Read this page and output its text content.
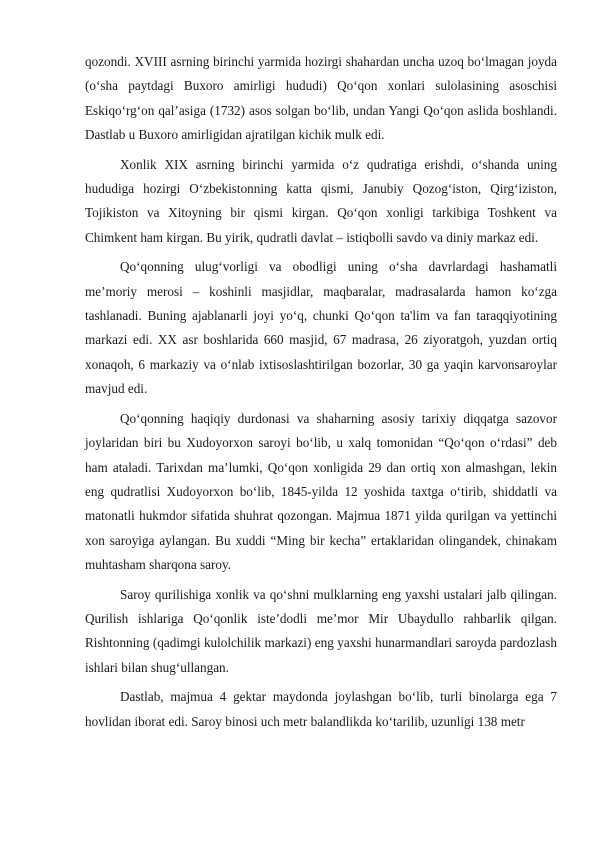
qozondi. XVIII asrning birinchi yarmida hozirgi shahardan uncha uzoq bo‘lmagan joyda (o‘sha paytdagi Buxoro amirligi hududi) Qo‘qon xonlari sulolasining asoschisi Eskiqo‘rg‘on qal’asiga (1732) asos solgan bo‘lib, undan Yangi Qo‘qon aslida boshlandi. Dastlab u Buxoro amirligidan ajratilgan kichik mulk edi.

Xonlik XIX asrning birinchi yarmida o‘z qudratiga erishdi, o‘shanda uning hududiga hozirgi O‘zbekistonning katta qismi, Janubiy Qozog‘iston, Qirg‘iziston, Tojikiston va Xitoyning bir qismi kirgan. Qo‘qon xonligi tarkibiga Toshkent va Chimkent ham kirgan. Bu yirik, qudratli davlat – istiqbolli savdo va diniy markaz edi.

Qo‘qonning ulug‘vorligi va obodligi uning o‘sha davrlardagi hashamatli me’moriy merosi – koshinli masjidlar, maqbaralar, madrasalarda hamon ko‘zga tashlanadi. Buning ajablanarli joyi yo‘q, chunki Qo‘qon ta'lim va fan taraqqiyotining markazi edi. XX asr boshlarida 660 masjid, 67 madrasa, 26 ziyoratgoh, yuzdan ortiq xonaqoh, 6 markaziy va o‘nlab ixtisoslashtirilgan bozorlar, 30 ga yaqin karvonsaroylar mavjud edi.

Qo‘qonning haqiqiy durdonasi va shaharning asosiy tarixiy diqqatga sazovor joylaridan biri bu Xudoyorxon saroyi bo‘lib, u xalq tomonidan “Qo‘qon o‘rdasi” deb ham ataladi. Tarixdan ma’lumki, Qo‘qon xonligida 29 dan ortiq xon almashgan, lekin eng qudratlisi Xudoyorxon bo‘lib, 1845-yilda 12 yoshida taxtga o‘tirib, shiddatli va matonatli hukmdor sifatida shuhrat qozongan. Majmua 1871 yilda qurilgan va yettinchi xon saroyiga aylangan. Bu xuddi “Ming bir kecha” ertaklaridan olingandek, chinakam muhtasham sharqona saroy.

Saroy qurilishiga xonlik va qo‘shni mulklarning eng yaxshi ustalari jalb qilingan. Qurilish ishlariga Qo‘qonlik iste’dodli me’mor Mir Ubaydullo rahbarlik qilgan. Rishtonning (qadimgi kulolchilik markazi) eng yaxshi hunarmandlari saroyda pardozlash ishlari bilan shug‘ullangan.

Dastlab, majmua 4 gektar maydonda joylashgan bo‘lib, turli binolarga ega 7 hovlidan iborat edi. Saroy binosi uch metr balandlikda ko‘tarilib, uzunligi 138 metr
